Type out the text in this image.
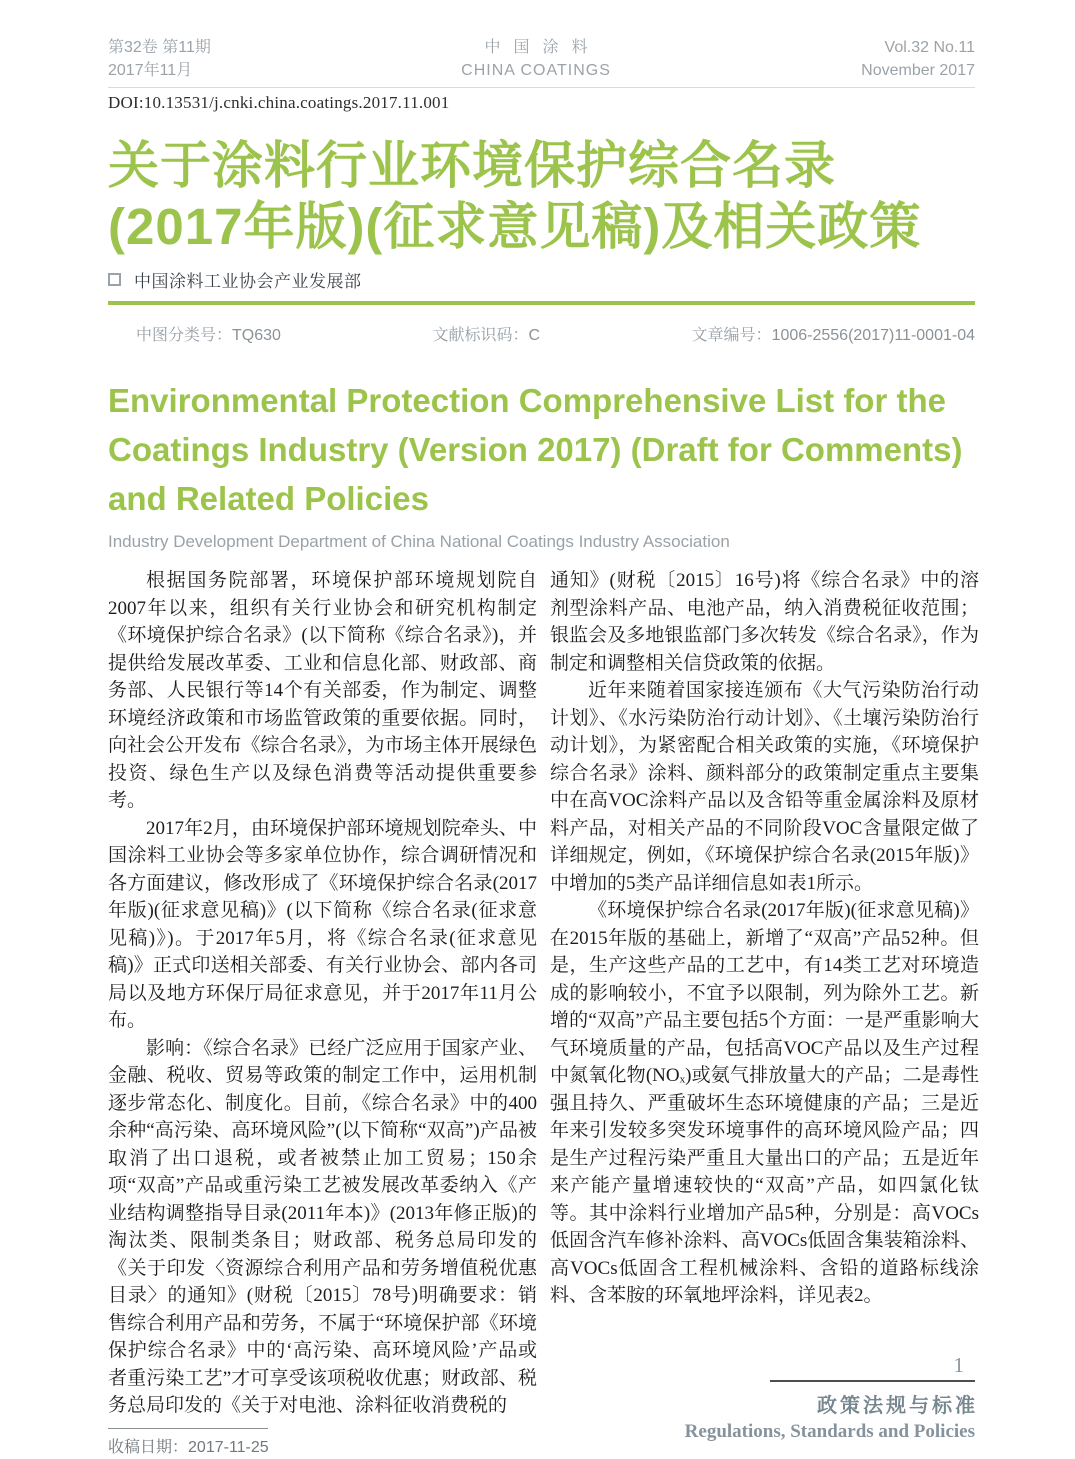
第32卷 第11期
2017年11月
中国涂料
CHINA COATINGS
Vol.32 No.11
November 2017
DOI:10.13531/j.cnki.china.coatings.2017.11.001
关于涂料行业环境保护综合名录
(2017年版)(征求意见稿)及相关政策
中国涂料工业协会产业发展部
中图分类号：TQ630	文献标识码：C	文章编号：1006-2556(2017)11-0001-04
Environmental Protection Comprehensive List for the
Coatings Industry (Version 2017) (Draft for Comments)
and Related Policies
Industry Development Department of China National Coatings Industry Association

根据国务院部署，环境保护部环境规划院自2007年以来，组织有关行业协会和研究机构制定《环境保护综合名录》(以下简称《综合名录》)，并提供给发展改革委、工业和信息化部、财政部、商务部、人民银行等14个有关部委，作为制定、调整环境经济政策和市场监管政策的重要依据。同时，向社会公开发布《综合名录》，为市场主体开展绿色投资、绿色生产以及绿色消费等活动提供重要参考。

2017年2月，由环境保护部环境规划院牵头、中国涂料工业协会等多家单位协作，综合调研情况和各方面建议，修改形成了《环境保护综合名录(2017年版)(征求意见稿)》(以下简称《综合名录(征求意见稿)》)。于2017年5月，将《综合名录(征求意见稿)》正式印送相关部委、有关行业协会、部内各司局以及地方环保厅局征求意见，并于2017年11月公布。

影响：《综合名录》已经广泛应用于国家产业、金融、税收、贸易等政策的制定工作中，运用机制逐步常态化、制度化。目前，《综合名录》中的400余种“高污染、高环境风险”(以下简称“双高”)产品被取消了出口退税，或者被禁止加工贸易；150余项“双高”产品或重污染工艺被发展改革委纳入《产业结构调整指导目录(2011年本)》(2013年修正版)的淘汰类、限制类条目；财政部、税务总局印发的《关于印发〈资源综合利用产品和劳务增值税优惠目录〉的通知》(财税〔2015〕78号)明确要求：销售综合利用产品和劳务，不属于“环境保护部《环境保护综合名录》中的‘高污染、高环境风险’产品或者重污染工艺”才可享受该项税收优惠；财政部、税务总局印发的《关于对电池、涂料征收消费税的

收稿日期：2017-11-25

通知》(财税〔2015〕16号)将《综合名录》中的溶剂型涂料产品、电池产品，纳入消费税征收范围；银监会及多地银监部门多次转发《综合名录》，作为制定和调整相关信贷政策的依据。

近年来随着国家接连颁布《大气污染防治行动计划》、《水污染防治行动计划》、《土壤污染防治行动计划》，为紧密配合相关政策的实施，《环境保护综合名录》涂料、颜料部分的政策制定重点主要集中在高VOC涂料产品以及含铅等重金属涂料及原材料产品，对相关产品的不同阶段VOC含量限定做了详细规定，例如，《环境保护综合名录(2015年版)》中增加的5类产品详细信息如表1所示。

《环境保护综合名录(2017年版)(征求意见稿)》在2015年版的基础上，新增了“双高”产品52种。但是，生产这些产品的工艺中，有14类工艺对环境造成的影响较小，不宜予以限制，列为除外工艺。新增的“双高”产品主要包括5个方面：一是严重影响大气环境质量的产品，包括高VOC产品以及生产过程中氮氧化物(NOₓ)或氨气排放量大的产品；二是毒性强且持久、严重破坏生态环境健康的产品；三是近年来引发较多突发环境事件的高环境风险产品；四是生产过程污染严重且大量出口的产品；五是近年来产能产量增速较快的“双高”产品，如四氯化钛等。其中涂料行业增加产品5种，分别是：高VOCs低固含汽车修补涂料、高VOCs低固含集装箱涂料、高VOCs低固含工程机械涂料、含铅的道路标线涂料、含苯胺的环氧地坪涂料，详见表2。

1
政策法规与标准
Regulations, Standards and Policies
